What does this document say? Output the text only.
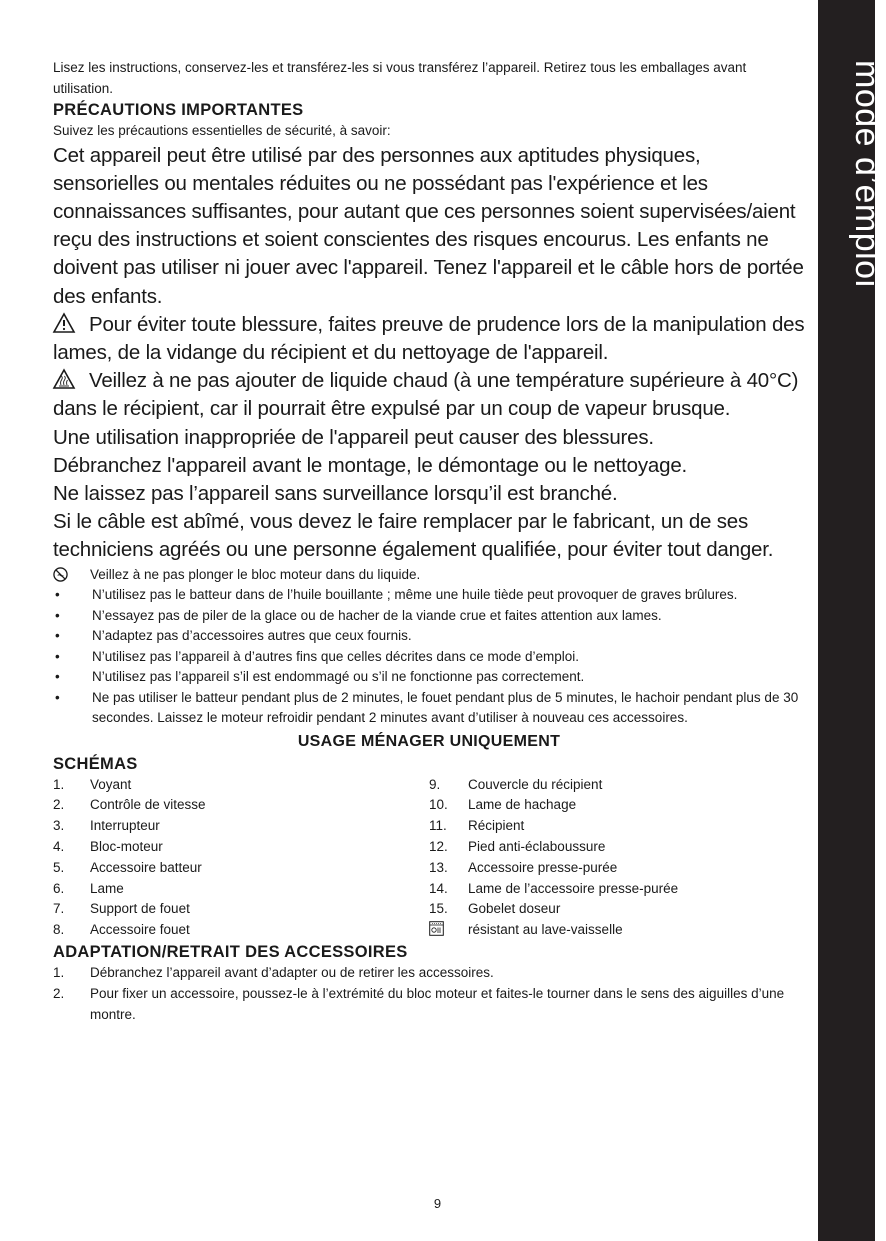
mode d’emploi
Lisez les instructions, conservez-les et transférez-les si vous transférez l’appareil. Retirez tous les emballages avant utilisation.
PRÉCAUTIONS IMPORTANTES
Suivez les précautions essentielles de sécurité, à savoir:
Cet appareil peut être utilisé par des personnes aux aptitudes physiques, sensorielles ou mentales réduites ou ne possédant pas l'expérience et les connaissances suffisantes, pour autant que ces personnes soient supervisées/aient reçu des instructions et soient conscientes des risques encourus. Les enfants ne doivent pas utiliser ni jouer avec l'appareil. Tenez l'appareil et le câble hors de portée des enfants.
Pour éviter toute blessure, faites preuve de prudence lors de la manipulation des lames, de la vidange du récipient et du nettoyage de l'appareil.
Veillez à ne pas ajouter de liquide chaud (à une température supérieure à 40°C) dans le récipient, car il pourrait être expulsé par un coup de vapeur brusque.
Une utilisation inappropriée de l'appareil peut causer des blessures.
Débranchez l'appareil avant le montage, le démontage ou le nettoyage.
Ne laissez pas l’appareil sans surveillance lorsqu’il est branché.
Si le câble est abîmé, vous devez le faire remplacer par le fabricant, un de ses techniciens agréés ou une personne également qualifiée, pour éviter tout danger.
Veillez à ne pas plonger le bloc moteur dans du liquide.
•	N’utilisez pas le batteur dans de l’huile bouillante ; même une huile tiède peut provoquer de graves brûlures.
•	N’essayez pas de piler de la glace ou de hacher de la viande crue et faites attention aux lames.
•	N’adaptez pas d’accessoires autres que ceux fournis.
•	N’utilisez pas l’appareil à d’autres fins que celles décrites dans ce mode d’emploi.
•	N’utilisez pas l’appareil s’il est endommagé ou s’il ne fonctionne pas correctement.
•	Ne pas utiliser le batteur pendant plus de 2 minutes, le fouet pendant plus de 5 minutes, le hachoir pendant plus de 30 secondes. Laissez le moteur refroidir pendant 2 minutes avant d’utiliser à nouveau ces accessoires.
USAGE MÉNAGER UNIQUEMENT
SCHÉMAS
1.	Voyant
2.	Contrôle de vitesse
3.	Interrupteur
4.	Bloc-moteur
5.	Accessoire batteur
6.	Lame
7.	Support de fouet
8.	Accessoire fouet
9.	Couvercle du récipient
10.	Lame de hachage
11.	Récipient
12.	Pied anti-éclaboussure
13.	Accessoire presse-purée
14.	Lame de l’accessoire presse-purée
15.	Gobelet doseur
résistant au lave-vaisselle
ADAPTATION/RETRAIT DES ACCESSOIRES
1.	Débranchez l’appareil avant d’adapter ou de retirer les accessoires.
2.	Pour fixer un accessoire, poussez-le à l’extrémité du bloc moteur et faites-le tourner dans le sens des aiguilles d’une montre.
9
